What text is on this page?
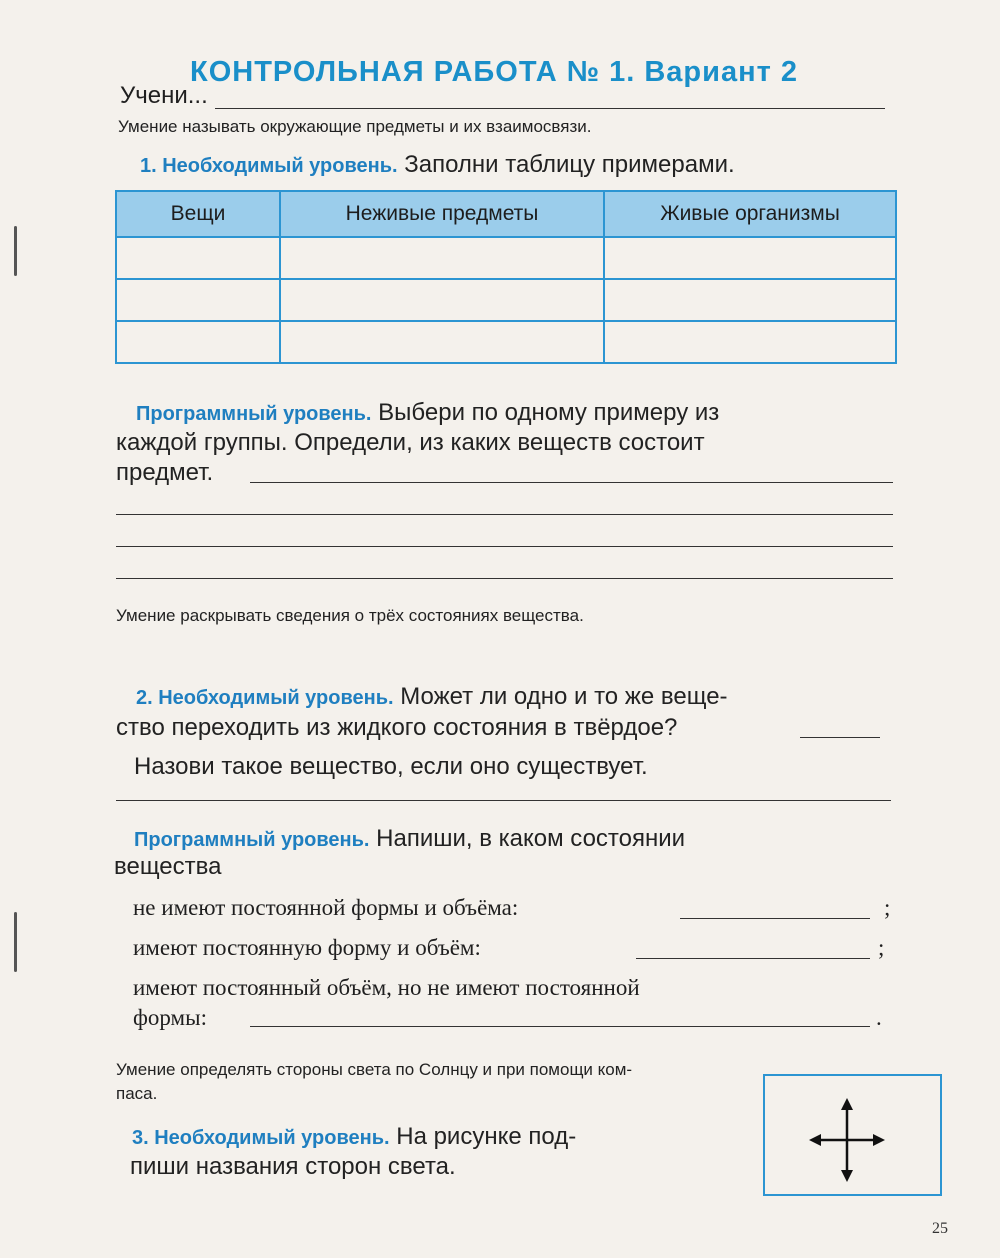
КОНТРОЛЬНАЯ РАБОТА № 1. Вариант 2
Учени...
Умение называть окружающие предметы и их взаимосвязи.
1. Необходимый уровень. Заполни таблицу примерами.
Вещи	Неживые предметы	Живые организмы

Программный уровень. Выбери по одному примеру из
каждой группы. Определи, из каких веществ состоит
предмет.
Умение раскрывать сведения о трёх состояниях вещества.
2. Необходимый уровень. Может ли одно и то же веще-
ство переходить из жидкого состояния в твёрдое?
Назови такое вещество, если оно существует.
Программный уровень. Напиши, в каком состоянии
вещества
не имеют постоянной формы и объёма:	;
имеют постоянную форму и объём:	;
имеют постоянный объём, но не имеют постоянной
формы:	.
Умение определять стороны света по Солнцу и при помощи ком-
паса.
3. Необходимый уровень. На рисунке под-
пиши названия сторон света.
25
